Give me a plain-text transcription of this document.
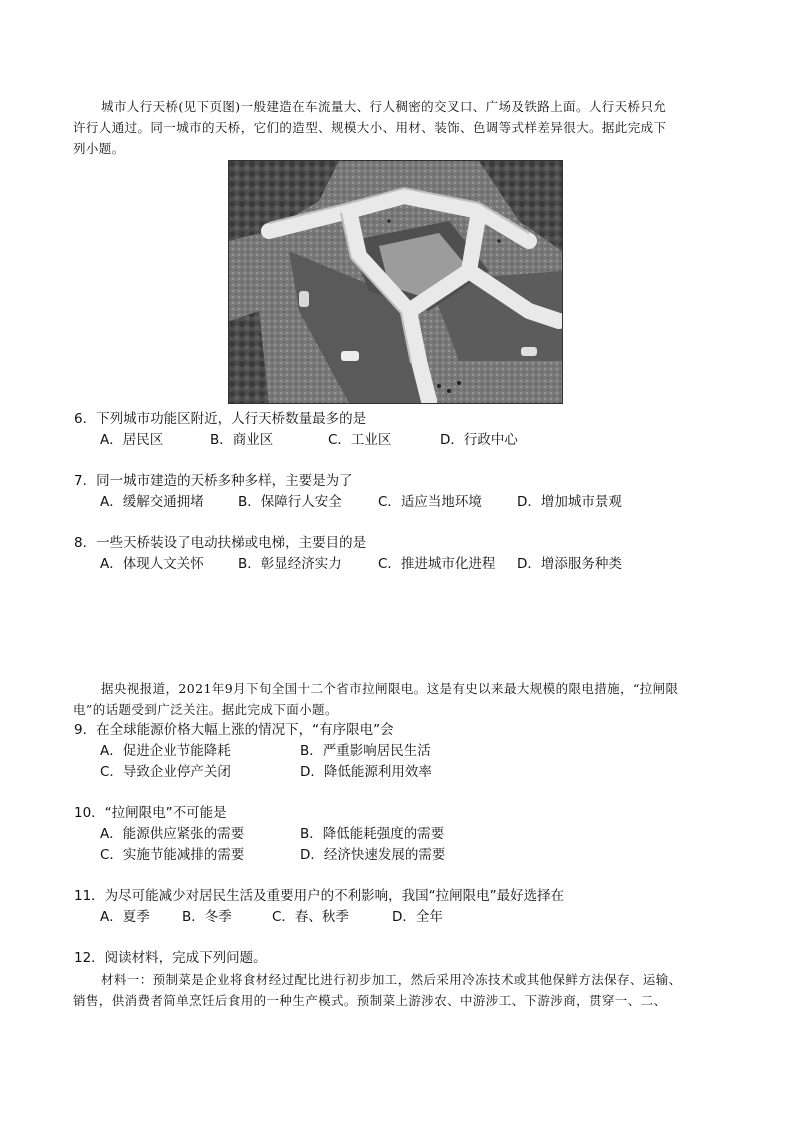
城市人行天桥(见下页图)一般建造在车流量大、行人稠密的交叉口、广场及铁路上面。人行天桥只允
许行人通过。同一城市的天桥，它们的造型、规模大小、用材、装饰、色调等式样差异很大。据此完成下
列小题。
6．下列城市功能区附近，人行天桥数量最多的是
A．居民区	B．商业区	C．工业区	D．行政中心
7．同一城市建造的天桥多种多样，主要是为了
A．缓解交通拥堵	B．保障行人安全	C．适应当地环境	D．增加城市景观
8．一些天桥装设了电动扶梯或电梯，主要目的是
A．体现人文关怀	B．彰显经济实力	C．推进城市化进程 D．增添服务种类
据央视报道，2021年9月下旬全国十二个省市拉闸限电。这是有史以来最大规模的限电措施，“拉闸限
电”的话题受到广泛关注。据此完成下面小题。
9．在全球能源价格大幅上涨的情况下，“有序限电”会
A．促进企业节能降耗	B．严重影响居民生活
C．导致企业停产关闭	D．降低能源利用效率
10．“拉闸限电”不可能是
A．能源供应紧张的需要	B．降低能耗强度的需要
C．实施节能减排的需要	D．经济快速发展的需要
11．为尽可能减少对居民生活及重要用户的不利影响，我国“拉闸限电”最好选择在
A．夏季 B．冬季	C．春、秋季	D．全年
12．阅读材料，完成下列问题。
材料一：预制菜是企业将食材经过配比进行初步加工，然后采用冷冻技术或其他保鲜方法保存、运输、
销售，供消费者简单烹饪后食用的一种生产模式。预制菜上游涉农、中游涉工、下游涉商，贯穿一、二、
